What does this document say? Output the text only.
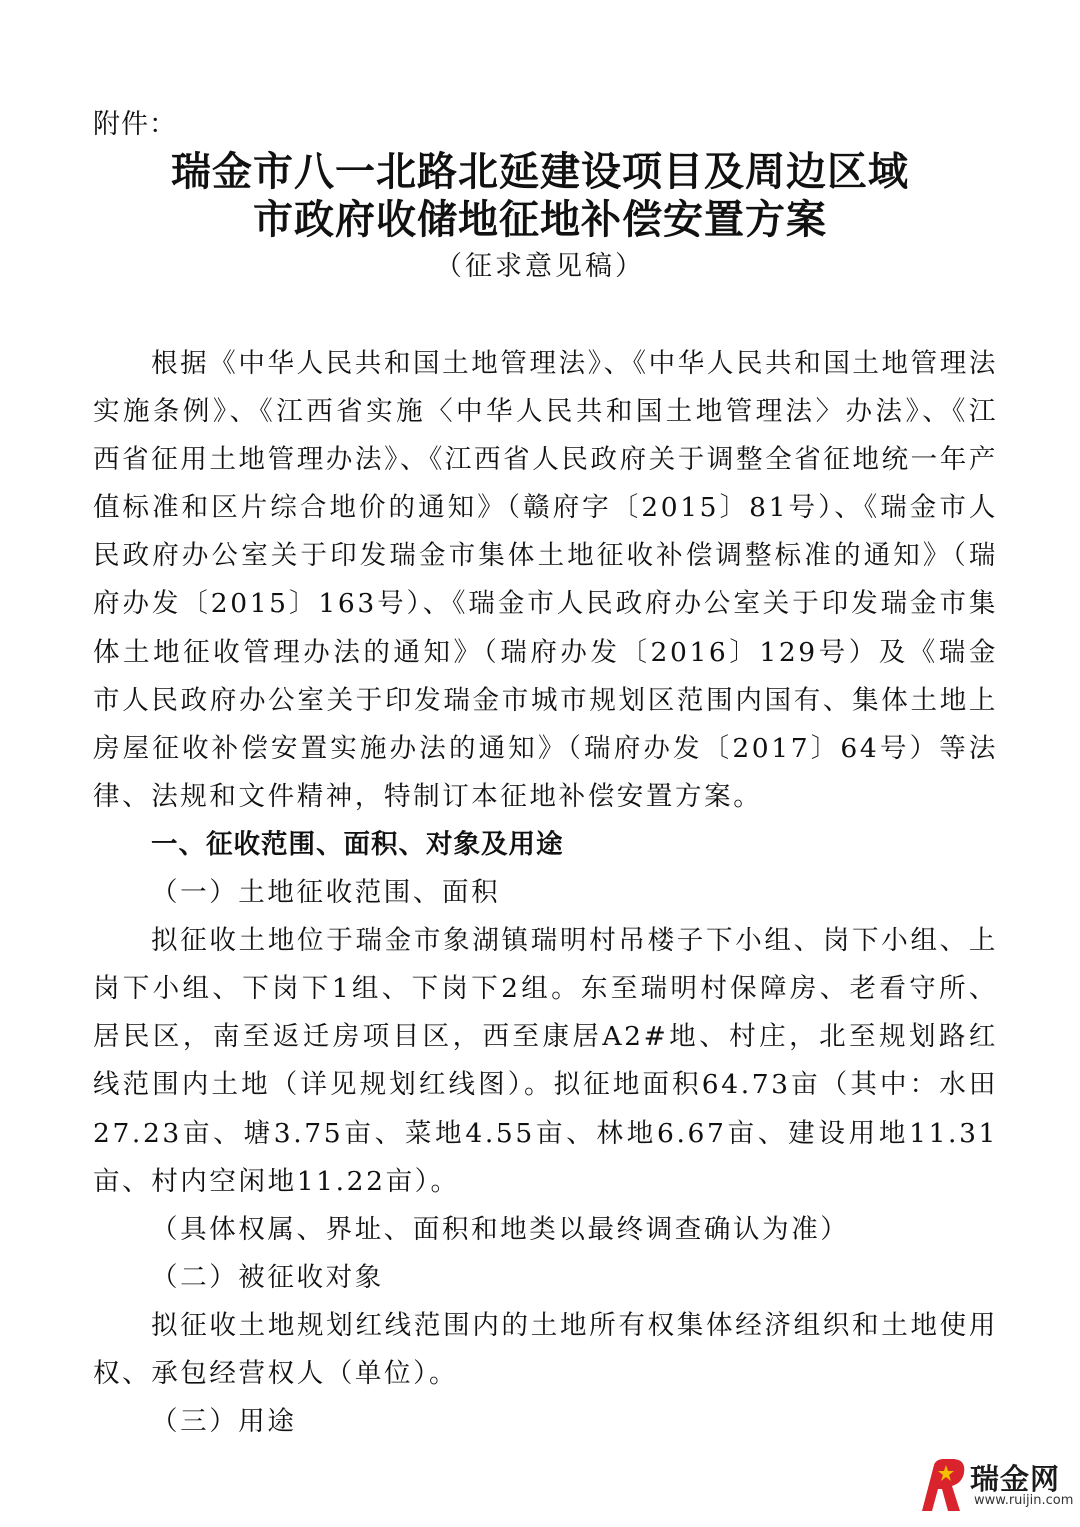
附件：
瑞金市八一北路北延建设项目及周边区域
市政府收储地征地补偿安置方案
（征求意见稿）

根据《中华人民共和国土地管理法》、《中华人民共和国土地管理法实施条例》、《江西省实施〈中华人民共和国土地管理法〉办法》、《江西省征用土地管理办法》、《江西省人民政府关于调整全省征地统一年产值标准和区片综合地价的通知》（赣府字〔2015〕81号）、《瑞金市人民政府办公室关于印发瑞金市集体土地征收补偿调整标准的通知》（瑞府办发〔2015〕163号）、《瑞金市人民政府办公室关于印发瑞金市集体土地征收管理办法的通知》（瑞府办发〔2016〕129号）及《瑞金市人民政府办公室关于印发瑞金市城市规划区范围内国有、集体土地上房屋征收补偿安置实施办法的通知》（瑞府办发〔2017〕64号）等法律、法规和文件精神，特制订本征地补偿安置方案。

一、征收范围、面积、对象及用途

（一）土地征收范围、面积

拟征收土地位于瑞金市象湖镇瑞明村吊楼子下小组、岗下小组、上岗下小组、下岗下1组、下岗下2组。东至瑞明村保障房、老看守所、居民区，南至返迁房项目区，西至康居A2#地、村庄，北至规划路红线范围内土地（详见规划红线图）。拟征地面积64.73亩（其中：水田27.23亩、塘3.75亩、菜地4.55亩、林地6.67亩、建设用地11.31亩、村内空闲地11.22亩）。

（具体权属、界址、面积和地类以最终调查确认为准）

（二）被征收对象

拟征收土地规划红线范围内的土地所有权集体经济组织和土地使用权、承包经营权人（单位）。

（三）用途

瑞金网
www.ruijin.com
